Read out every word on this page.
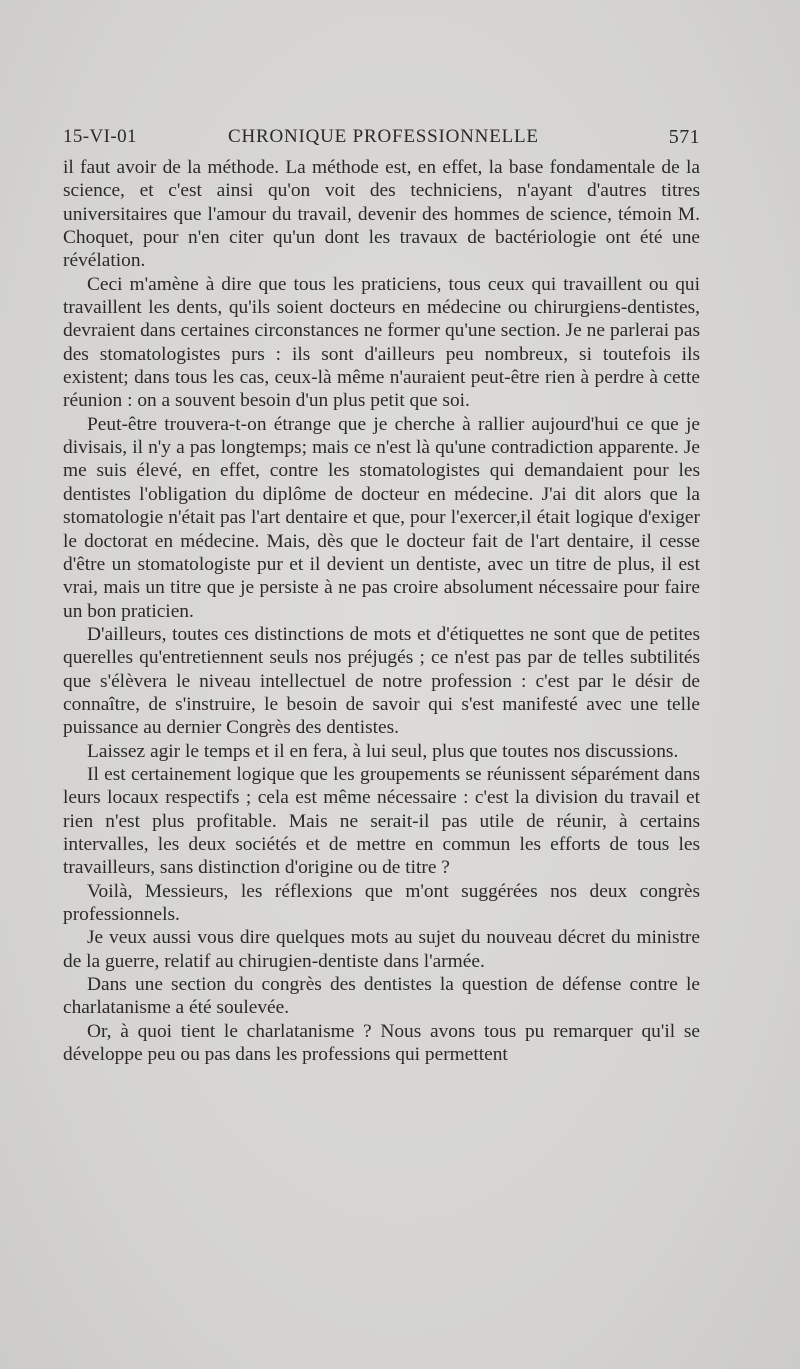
15-VI-01	CHRONIQUE PROFESSIONNELLE	571

il faut avoir de la méthode. La méthode est, en effet, la base fondamentale de la science, et c'est ainsi qu'on voit des techniciens, n'ayant d'autres titres universitaires que l'amour du travail, devenir des hommes de science, témoin M. Choquet, pour n'en citer qu'un dont les travaux de bactériologie ont été une révélation.

Ceci m'amène à dire que tous les praticiens, tous ceux qui travaillent ou qui travaillent les dents, qu'ils soient docteurs en médecine ou chirurgiens-dentistes, devraient dans certaines circonstances ne former qu'une section. Je ne parlerai pas des stomatologistes purs : ils sont d'ailleurs peu nombreux, si toutefois ils existent; dans tous les cas, ceux-là même n'auraient peut-être rien à perdre à cette réunion : on a souvent besoin d'un plus petit que soi.

Peut-être trouvera-t-on étrange que je cherche à rallier aujourd'hui ce que je divisais, il n'y a pas longtemps; mais ce n'est là qu'une contradiction apparente. Je me suis élevé, en effet, contre les stomatologistes qui demandaient pour les dentistes l'obligation du diplôme de docteur en médecine. J'ai dit alors que la stomatologie n'était pas l'art dentaire et que, pour l'exercer,il était logique d'exiger le doctorat en médecine. Mais, dès que le docteur fait de l'art dentaire, il cesse d'être un stomatologiste pur et il devient un dentiste, avec un titre de plus, il est vrai, mais un titre que je persiste à ne pas croire absolument nécessaire pour faire un bon praticien.

D'ailleurs, toutes ces distinctions de mots et d'étiquettes ne sont que de petites querelles qu'entretiennent seuls nos préjugés ; ce n'est pas par de telles subtilités que s'élèvera le niveau intellectuel de notre profession : c'est par le désir de connaître, de s'instruire, le besoin de savoir qui s'est manifesté avec une telle puissance au dernier Congrès des dentistes.

Laissez agir le temps et il en fera, à lui seul, plus que toutes nos discussions.

Il est certainement logique que les groupements se réunissent séparément dans leurs locaux respectifs ; cela est même nécessaire : c'est la division du travail et rien n'est plus profitable. Mais ne serait-il pas utile de réunir, à certains intervalles, les deux sociétés et de mettre en commun les efforts de tous les travailleurs, sans distinction d'origine ou de titre ?

Voilà, Messieurs, les réflexions que m'ont suggérées nos deux congrès professionnels.

Je veux aussi vous dire quelques mots au sujet du nouveau décret du ministre de la guerre, relatif au chirugien-dentiste dans l'armée.

Dans une section du congrès des dentistes la question de défense contre le charlatanisme a été soulevée.

Or, à quoi tient le charlatanisme ? Nous avons tous pu remarquer qu'il se développe peu ou pas dans les professions qui permettent
